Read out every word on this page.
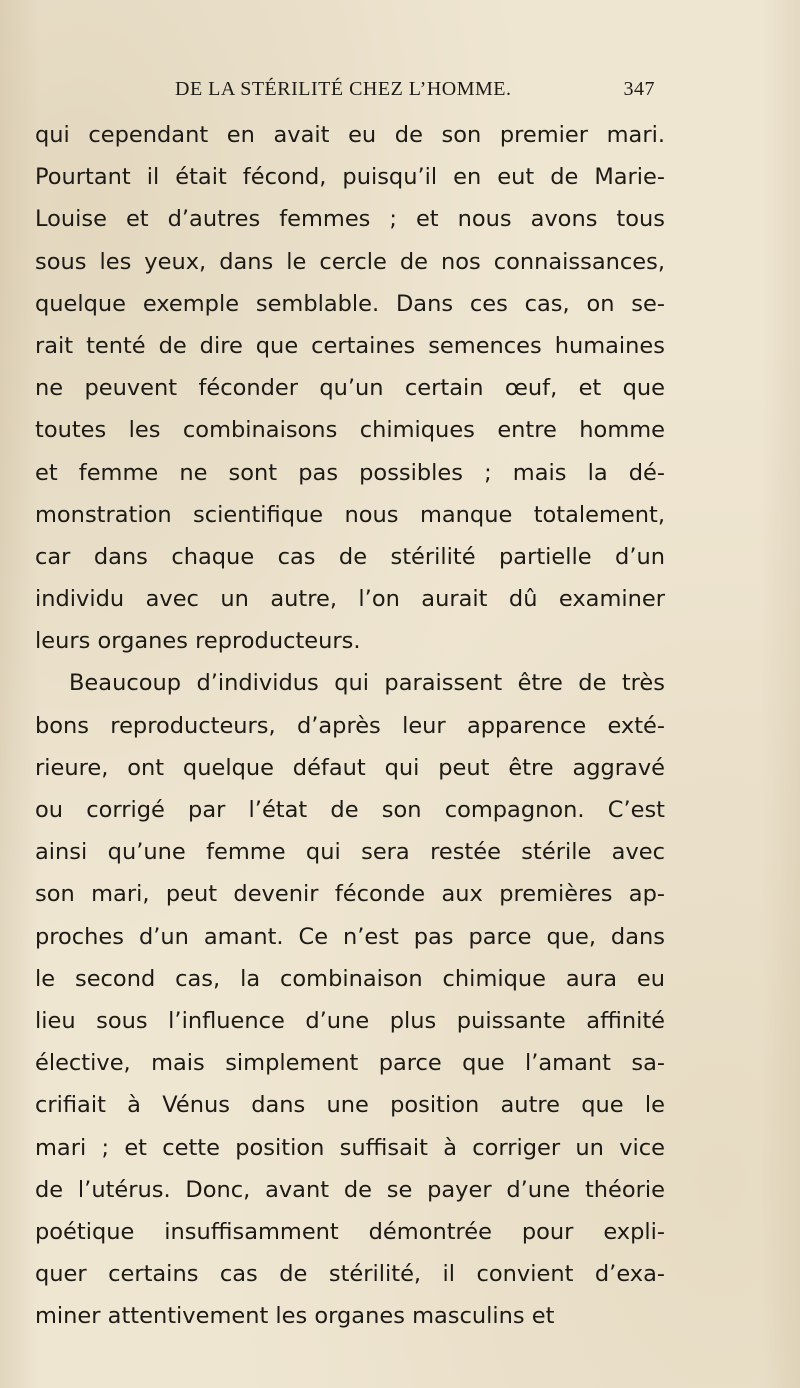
DE LA STÉRILITÉ CHEZ L’HOMME.	347
qui cependant en avait eu de son premier mari.
Pourtant il était fécond, puisqu’il en eut de Marie-
Louise et d’autres femmes ; et nous avons tous
sous les yeux, dans le cercle de nos connaissances,
quelque exemple semblable. Dans ces cas, on se-
rait tenté de dire que certaines semences humaines
ne peuvent féconder qu’un certain œuf, et que
toutes les combinaisons chimiques entre homme
et femme ne sont pas possibles ; mais la dé-
monstration scientifique nous manque totalement,
car dans chaque cas de stérilité partielle d’un
individu avec un autre, l’on aurait dû examiner
leurs organes reproducteurs.
Beaucoup d’individus qui paraissent être de très
bons reproducteurs, d’après leur apparence exté-
rieure, ont quelque défaut qui peut être aggravé
ou corrigé par l’état de son compagnon. C’est
ainsi qu’une femme qui sera restée stérile avec
son mari, peut devenir féconde aux premières ap-
proches d’un amant. Ce n’est pas parce que, dans
le second cas, la combinaison chimique aura eu
lieu sous l’influence d’une plus puissante affinité
élective, mais simplement parce que l’amant sa-
crifiait à Vénus dans une position autre que le
mari ; et cette position suffisait à corriger un vice
de l’utérus. Donc, avant de se payer d’une théorie
poétique insuffisamment démontrée pour expli-
quer certains cas de stérilité, il convient d’exa-
miner attentivement les organes masculins et
